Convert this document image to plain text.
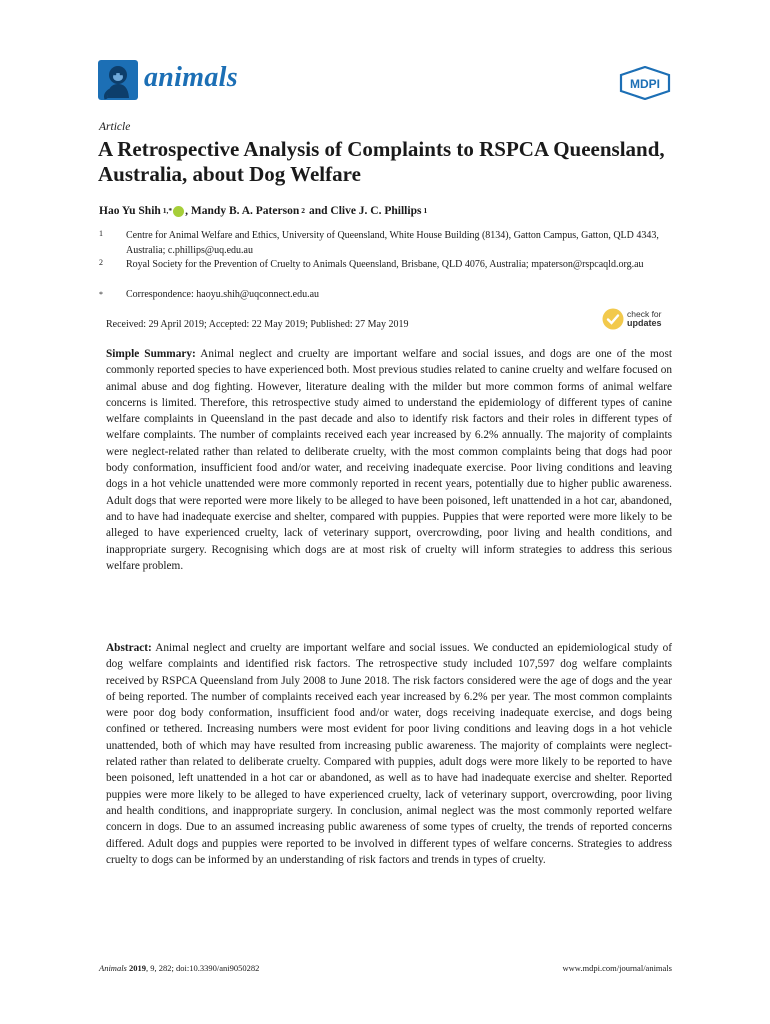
animals	MDPI
Article
A Retrospective Analysis of Complaints to RSPCA Queensland, Australia, about Dog Welfare
Hao Yu Shih $^{1,*}$ , Mandy B. A. Paterson $^2$ and Clive J. C. Phillips $^1$
1 Centre for Animal Welfare and Ethics, University of Queensland, White House Building (8134), Gatton Campus, Gatton, QLD 4343, Australia; c.phillips@uq.edu.au
2 Royal Society for the Prevention of Cruelty to Animals Queensland, Brisbane, QLD 4076, Australia; mpaterson@rspcaqld.org.au
* Correspondence: haoyu.shih@uqconnect.edu.au
Received: 29 April 2019; Accepted: 22 May 2019; Published: 27 May 2019
check for
updates

Simple Summary: Animal neglect and cruelty are important welfare and social issues, and dogs are one of the most commonly reported species to have experienced both. Most previous studies related to canine cruelty and welfare focused on animal abuse and dog fighting. However, literature dealing with the milder but more common forms of animal welfare concerns is limited. Therefore, this retrospective study aimed to understand the epidemiology of different types of canine welfare complaints in Queensland in the past decade and also to identify risk factors and their roles in different types of welfare complaints. The number of complaints received each year increased by 6.2% annually. The majority of complaints were neglect-related rather than related to deliberate cruelty, with the most common complaints being that dogs had poor body conformation, insufficient food and/or water, and receiving inadequate exercise. Poor living conditions and leaving dogs in a hot vehicle unattended were more commonly reported in recent years, potentially due to higher public awareness. Adult dogs that were reported were more likely to be alleged to have been poisoned, left unattended in a hot car, abandoned, and to have had inadequate exercise and shelter, compared with puppies. Puppies that were reported were more likely to be alleged to have experienced cruelty, lack of veterinary support, overcrowding, poor living and health conditions, and inappropriate surgery. Recognising which dogs are at most risk of cruelty will inform strategies to address this serious welfare problem.

Abstract: Animal neglect and cruelty are important welfare and social issues. We conducted an epidemiological study of dog welfare complaints and identified risk factors. The retrospective study included 107,597 dog welfare complaints received by RSPCA Queensland from July 2008 to June 2018. The risk factors considered were the age of dogs and the year of being reported. The number of complaints received each year increased by 6.2% per year. The most common complaints were poor dog body conformation, insufficient food and/or water, dogs receiving inadequate exercise, and dogs being confined or tethered. Increasing numbers were most evident for poor living conditions and leaving dogs in a hot vehicle unattended, both of which may have resulted from increasing public awareness. The majority of complaints were neglect-related rather than related to deliberate cruelty. Compared with puppies, adult dogs were more likely to be reported to have been poisoned, left unattended in a hot car or abandoned, as well as to have had inadequate exercise and shelter. Reported puppies were more likely to be alleged to have experienced cruelty, lack of veterinary support, overcrowding, poor living and health conditions, and inappropriate surgery. In conclusion, animal neglect was the most commonly reported welfare concern in dogs. Due to an assumed increasing public awareness of some types of cruelty, the trends of reported concerns differed. Adult dogs and puppies were reported to be involved in different types of welfare concerns. Strategies to address cruelty to dogs can be informed by an understanding of risk factors and trends in types of cruelty.

Animals 2019, 9, 282; doi:10.3390/ani9050282	www.mdpi.com/journal/animals
